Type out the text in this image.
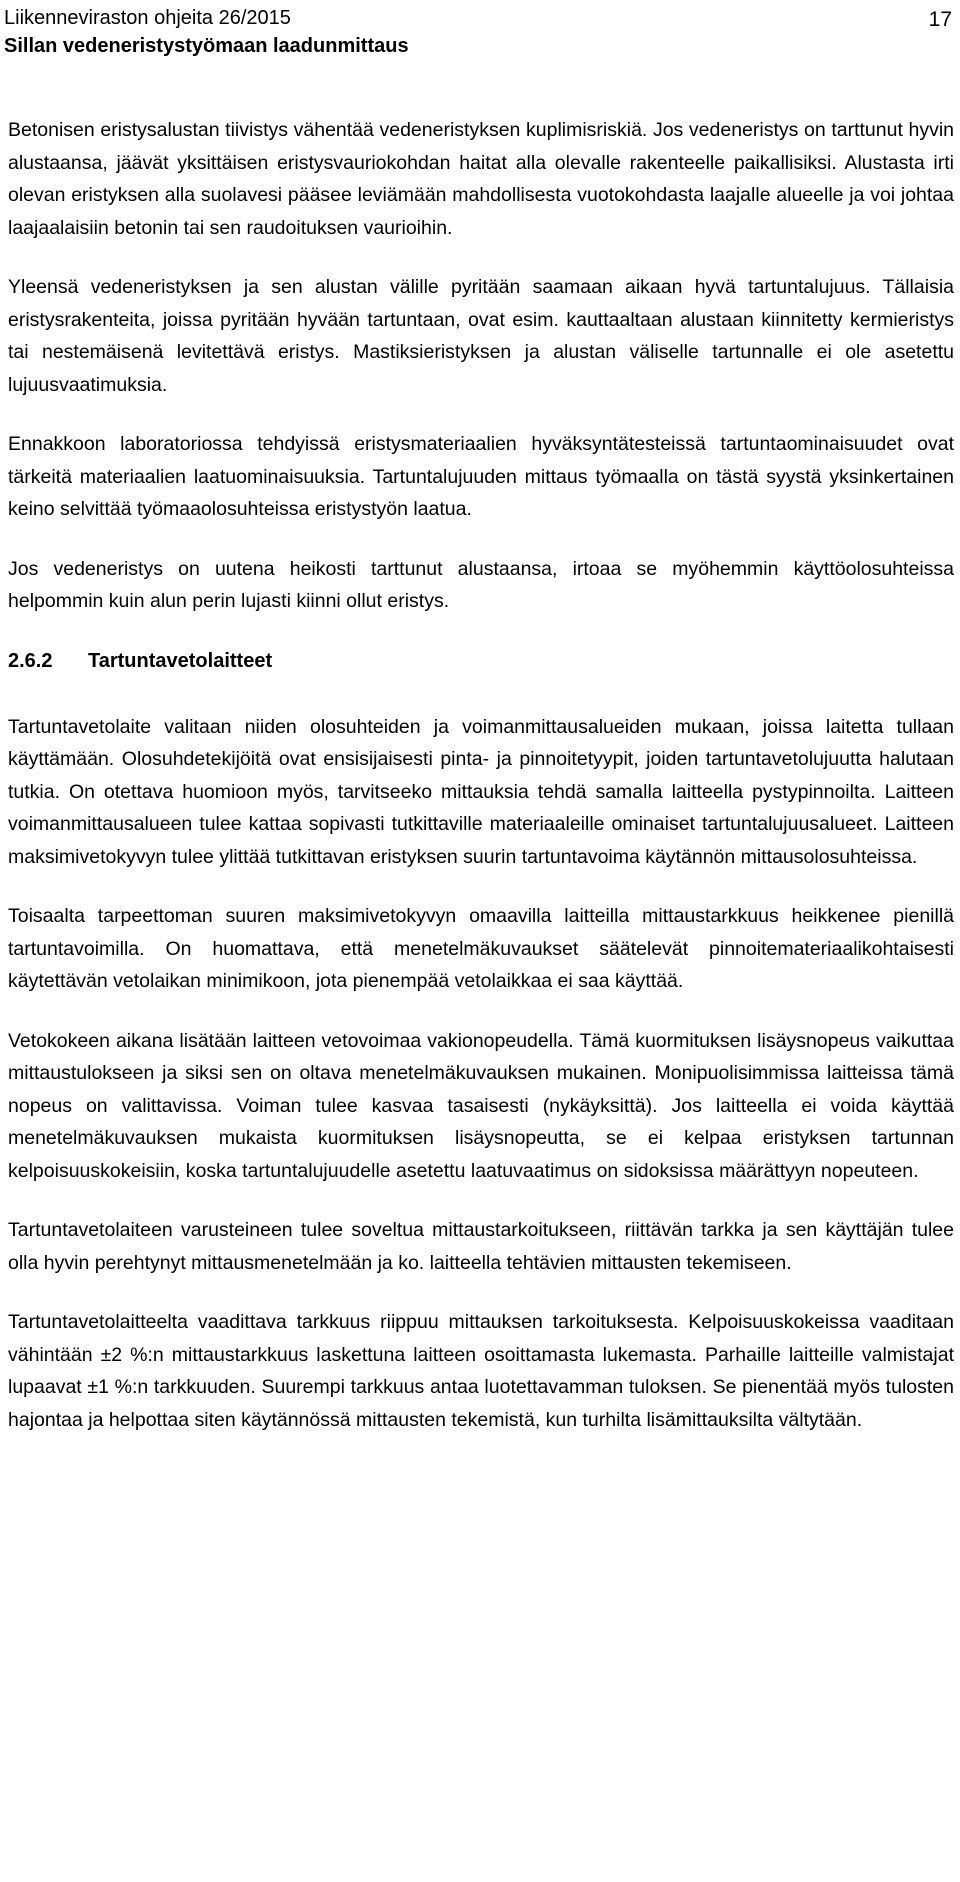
Liikenneviraston ohjeita 26/2015
Sillan vedeneristystyömaan laadunmittaus
17

Betonisen eristysalustan tiivistys vähentää vedeneristyksen kuplimisriskiä. Jos vedeneristys on tarttunut hyvin alustaansa, jäävät yksittäisen eristysvauriokohdan haitat alla olevalle rakenteelle paikallisiksi. Alustasta irti olevan eristyksen alla suolavesi pääsee leviämään mahdollisesta vuotokohdasta laajalle alueelle ja voi johtaa laajaalaisiin betonin tai sen raudoituksen vaurioihin.

Yleensä vedeneristyksen ja sen alustan välille pyritään saamaan aikaan hyvä tartuntalujuus. Tällaisia eristysrakenteita, joissa pyritään hyvään tartuntaan, ovat esim. kauttaaltaan alustaan kiinnitetty kermieristys tai nestemäisenä levitettävä eristys. Mastiksieristyksen ja alustan väliselle tartunnalle ei ole asetettu lujuusvaatimuksia.

Ennakkoon laboratoriossa tehdyissä eristysmateriaalien hyväksyntätesteissä tartuntaominaisuudet ovat tärkeitä materiaalien laatuominaisuuksia. Tartuntalujuuden mittaus työmaalla on tästä syystä yksinkertainen keino selvittää työmaaolosuhteissa eristystyön laatua.

Jos vedeneristys on uutena heikosti tarttunut alustaansa, irtoaa se myöhemmin käyttöolosuhteissa helpommin kuin alun perin lujasti kiinni ollut eristys.

2.6.2 Tartuntavetolaitteet

Tartuntavetolaite valitaan niiden olosuhteiden ja voimanmittausalueiden mukaan, joissa laitetta tullaan käyttämään. Olosuhdetekijöitä ovat ensisijaisesti pinta- ja pinnoitetyypit, joiden tartuntavetolujuutta halutaan tutkia. On otettava huomioon myös, tarvitseeko mittauksia tehdä samalla laitteella pystypinnoilta. Laitteen voimanmittausalueen tulee kattaa sopivasti tutkittaville materiaaleille ominaiset tartuntalujuusalueet. Laitteen maksimivetokyvyn tulee ylittää tutkittavan eristyksen suurin tartuntavoima käytännön mittausolosuhteissa.

Toisaalta tarpeettoman suuren maksimivetokyvyn omaavilla laitteilla mittaustarkkuus heikkenee pienillä tartuntavoimilla. On huomattava, että menetelmäkuvaukset säätelevät pinnoitemateriaalikohtaisesti käytettävän vetolaikan minimikoon, jota pienempää vetolaikkaa ei saa käyttää.

Vetokokeen aikana lisätään laitteen vetovoimaa vakionopeudella. Tämä kuormituksen lisäysnopeus vaikuttaa mittaustulokseen ja siksi sen on oltava menetelmäkuvauksen mukainen. Monipuolisimmissa laitteissa tämä nopeus on valittavissa. Voiman tulee kasvaa tasaisesti (nykäyksittä). Jos laitteella ei voida käyttää menetelmäkuvauksen mukaista kuormituksen lisäysnopeutta, se ei kelpaa eristyksen tartunnan kelpoisuuskokeisiin, koska tartuntalujuudelle asetettu laatuvaatimus on sidoksissa määrättyyn nopeuteen.

Tartuntavetolaiteen varusteineen tulee soveltua mittaustarkoitukseen, riittävän tarkka ja sen käyttäjän tulee olla hyvin perehtynyt mittausmenetelmään ja ko. laitteella tehtävien mittausten tekemiseen.

Tartuntavetolaitteelta vaadittava tarkkuus riippuu mittauksen tarkoituksesta. Kelpoisuuskokeissa vaaditaan vähintään ±2 %:n mittaustarkkuus laskettuna laitteen osoittamasta lukemasta. Parhaille laitteille valmistajat lupaavat ±1 %:n tarkkuuden. Suurempi tarkkuus antaa luotettavamman tuloksen. Se pienentää myös tulosten hajontaa ja helpottaa siten käytännössä mittausten tekemistä, kun turhilta lisämittauksilta vältytään.
